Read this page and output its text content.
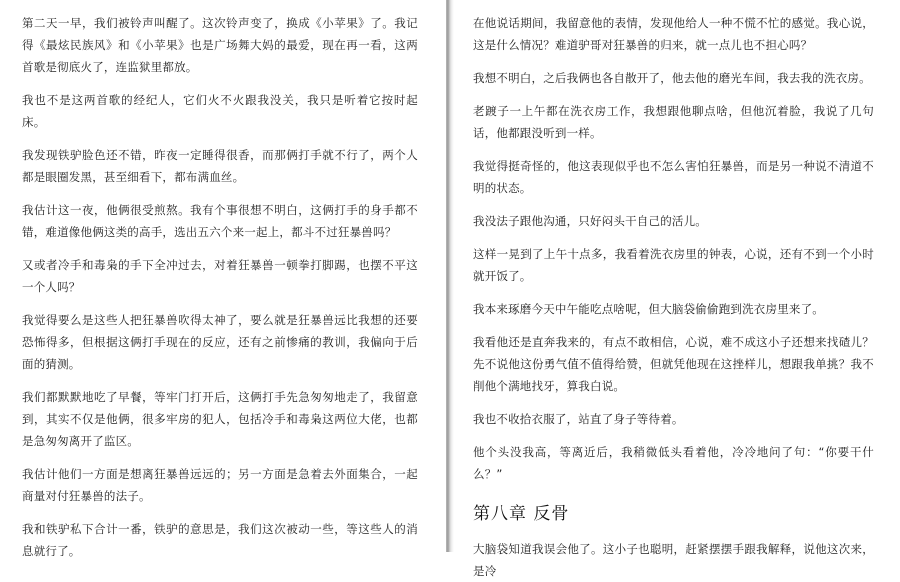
第二天一早，我们被铃声叫醒了。这次铃声变了，换成《小苹果》了。我记得《最炫民族风》和《小苹果》也是广场舞大妈的最爱，现在再一看，这两首歌是彻底火了，连监狱里都放。

我也不是这两首歌的经纪人，它们火不火跟我没关，我只是听着它按时起床。

我发现铁驴脸色还不错，昨夜一定睡得很香，而那俩打手就不行了，两个人都是眼圈发黑，甚至细看下，都布满血丝。

我估计这一夜，他俩很受煎熬。我有个事很想不明白，这俩打手的身手都不错，难道像他俩这类的高手，选出五六个来一起上，都斗不过狂暴兽吗？

又或者冷手和毒枭的手下全冲过去，对着狂暴兽一顿拳打脚踢，也摆不平这一个人吗？

我觉得要么是这些人把狂暴兽吹得太神了，要么就是狂暴兽远比我想的还要恐怖得多，但根据这俩打手现在的反应，还有之前惨痛的教训，我偏向于后面的猜测。

我们都默默地吃了早餐，等牢门打开后，这俩打手先急匆匆地走了，我留意到，其实不仅是他俩，很多牢房的犯人，包括冷手和毒枭这两位大佬，也都是急匆匆离开了监区。

我估计他们一方面是想离狂暴兽远远的；另一方面是急着去外面集合，一起商量对付狂暴兽的法子。

我和铁驴私下合计一番，铁驴的意思是，我们这次被动一些，等这些人的消息就行了。

在他说话期间，我留意他的表情，发现他给人一种不慌不忙的感觉。我心说，这是什么情况？难道驴哥对狂暴兽的归来，就一点儿也不担心吗？

我想不明白，之后我俩也各自散开了，他去他的磨光车间，我去我的洗衣房。

老踱子一上午都在洗衣房工作，我想跟他聊点啥，但他沉着脸，我说了几句话，他都跟没听到一样。

我觉得挺奇怪的，他这表现似乎也不怎么害怕狂暴兽，而是另一种说不清道不明的状态。

我没法子跟他沟通，只好闷头干自己的活儿。

这样一晃到了上午十点多，我看着洗衣房里的钟表，心说，还有不到一个小时就开饭了。

我本来琢磨今天中午能吃点啥呢，但大脑袋偷偷跑到洗衣房里来了。

我看他还是直奔我来的，有点不敢相信，心说，难不成这小子还想来找碴儿？先不说他这份勇气值不值得给赞，但就凭他现在这挫样儿，想跟我单挑？我不削他个满地找牙，算我白说。

我也不收拾衣服了，站直了身子等待着。

他个头没我高，等离近后，我稍微低头看着他，冷冷地问了句：“你要干什么？”

第八章 反骨

大脑袋知道我误会他了。这小子也聪明，赶紧摆摆手跟我解释，说他这次来，是冷
